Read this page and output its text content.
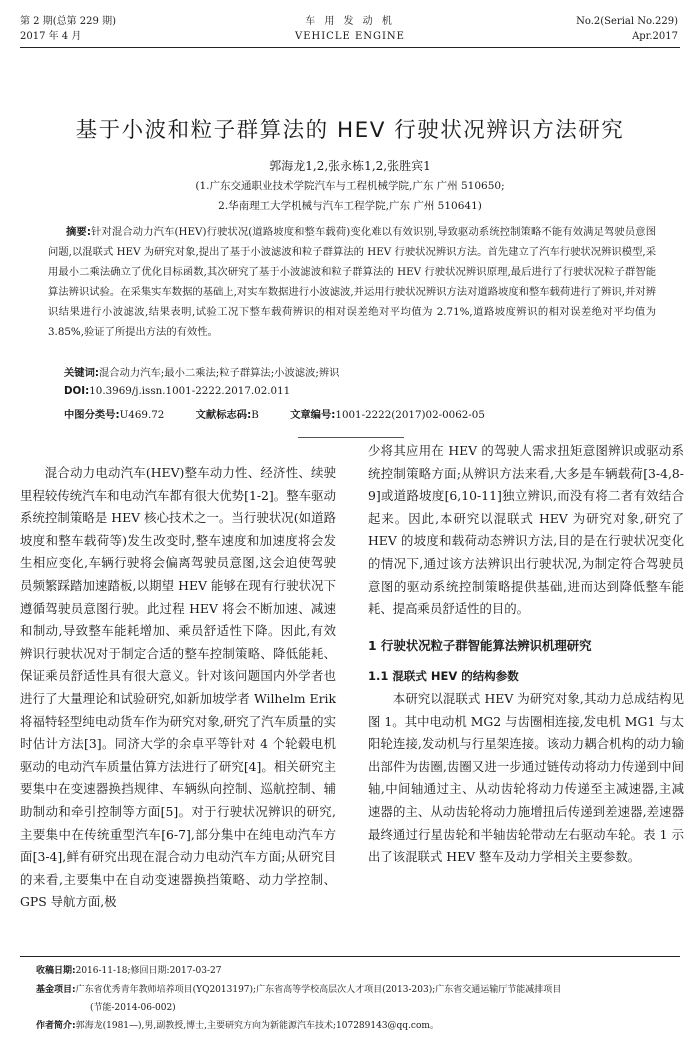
第 2 期(总第 229 期)
2017 年 4 月
车 用 发 动 机
VEHICLE ENGINE
No.2(Serial No.229)
Apr.2017
基于小波和粒子群算法的 HEV 行驶状况辨识方法研究
郭海龙1,2,张永栋1,2,张胜宾1
(1.广东交通职业技术学院汽车与工程机械学院,广东 广州 510650;
2.华南理工大学机械与汽车工程学院,广东 广州 510641)
摘要:针对混合动力汽车(HEV)行驶状况(道路坡度和整车载荷)变化难以有效识别,导致驱动系统控制策略不能有效满足驾驶员意图问题,以混联式 HEV 为研究对象,提出了基于小波滤波和粒子群算法的 HEV 行驶状况辨识方法。首先建立了汽车行驶状况辨识模型,采用最小二乘法确立了优化目标函数,其次研究了基于小波滤波和粒子群算法的 HEV 行驶状况辨识原理,最后进行了行驶状况粒子群智能算法辨识试验。在采集实车数据的基础上,对实车数据进行小波滤波,并运用行驶状况辨识方法对道路坡度和整车载荷进行了辨识,并对辨识结果进行小波滤波,结果表明,试验工况下整车载荷辨识的相对误差绝对平均值为 2.71%,道路坡度辨识的相对误差绝对平均值为 3.85%,验证了所提出方法的有效性。
关键词:混合动力汽车;最小二乘法;粒子群算法;小波滤波;辨识
DOI:10.3969/j.issn.1001-2222.2017.02.011
中图分类号:U469.72	文献标志码:B	文章编号:1001-2222(2017)02-0062-05

混合动力电动汽车(HEV)整车动力性、经济性、续驶里程较传统汽车和电动汽车都有很大优势[1-2]。整车驱动系统控制策略是 HEV 核心技术之一。当行驶状况(如道路坡度和整车载荷等)发生改变时,整车速度和加速度将会发生相应变化,车辆行驶将会偏离驾驶员意图,这会迫使驾驶员频繁踩踏加速踏板,以期望 HEV 能够在现有行驶状况下遵循驾驶员意图行驶。此过程 HEV 将会不断加速、减速和制动,导致整车能耗增加、乘员舒适性下降。因此,有效辨识行驶状况对于制定合适的整车控制策略、降低能耗、保证乘员舒适性具有很大意义。针对该问题国内外学者也进行了大量理论和试验研究,如新加坡学者 Wilhelm Erik 将福特轻型纯电动货车作为研究对象,研究了汽车质量的实时估计方法[3]。同济大学的余卓平等针对 4 个轮毂电机驱动的电动汽车质量估算方法进行了研究[4]。相关研究主要集中在变速器换挡规律、车辆纵向控制、巡航控制、辅助制动和牵引控制等方面[5]。对于行驶状况辨识的研究,主要集中在传统重型汽车[6-7],部分集中在纯电动汽车方面[3-4],鲜有研究出现在混合动力电动汽车方面;从研究目的来看,主要集中在自动变速器换挡策略、动力学控制、GPS 导航方面,极

少将其应用在 HEV 的驾驶人需求扭矩意图辨识或驱动系统控制策略方面;从辨识方法来看,大多是车辆载荷[3-4,8-9]或道路坡度[6,10-11]独立辨识,而没有将二者有效结合起来。因此,本研究以混联式 HEV 为研究对象,研究了 HEV 的坡度和载荷动态辨识方法,目的是在行驶状况变化的情况下,通过该方法辨识出行驶状况,为制定符合驾驶员意图的驱动系统控制策略提供基础,进而达到降低整车能耗、提高乘员舒适性的目的。

1 行驶状况粒子群智能算法辨识机理研究

1.1 混联式 HEV 的结构参数

本研究以混联式 HEV 为研究对象,其动力总成结构见图 1。其中电动机 MG2 与齿圈相连接,发电机 MG1 与太阳轮连接,发动机与行星架连接。该动力耦合机构的动力输出部件为齿圈,齿圈又进一步通过链传动将动力传递到中间轴,中间轴通过主、从动齿轮将动力传递至主减速器,主减速器的主、从动齿轮将动力施增扭后传递到差速器,差速器最终通过行星齿轮和半轴齿轮带动左右驱动车轮。表 1 示出了该混联式 HEV 整车及动力学相关主要参数。

收稿日期:2016-11-18;修回日期:2017-03-27
基金项目:广东省优秀青年教师培养项目(YQ2013197);广东省高等学校高层次人才项目(2013-203);广东省交通运输厅节能减排项目
(节能-2014-06-002)
作者简介:郭海龙(1981—),男,副教授,博士,主要研究方向为新能源汽车技术;107289143@qq.com。
